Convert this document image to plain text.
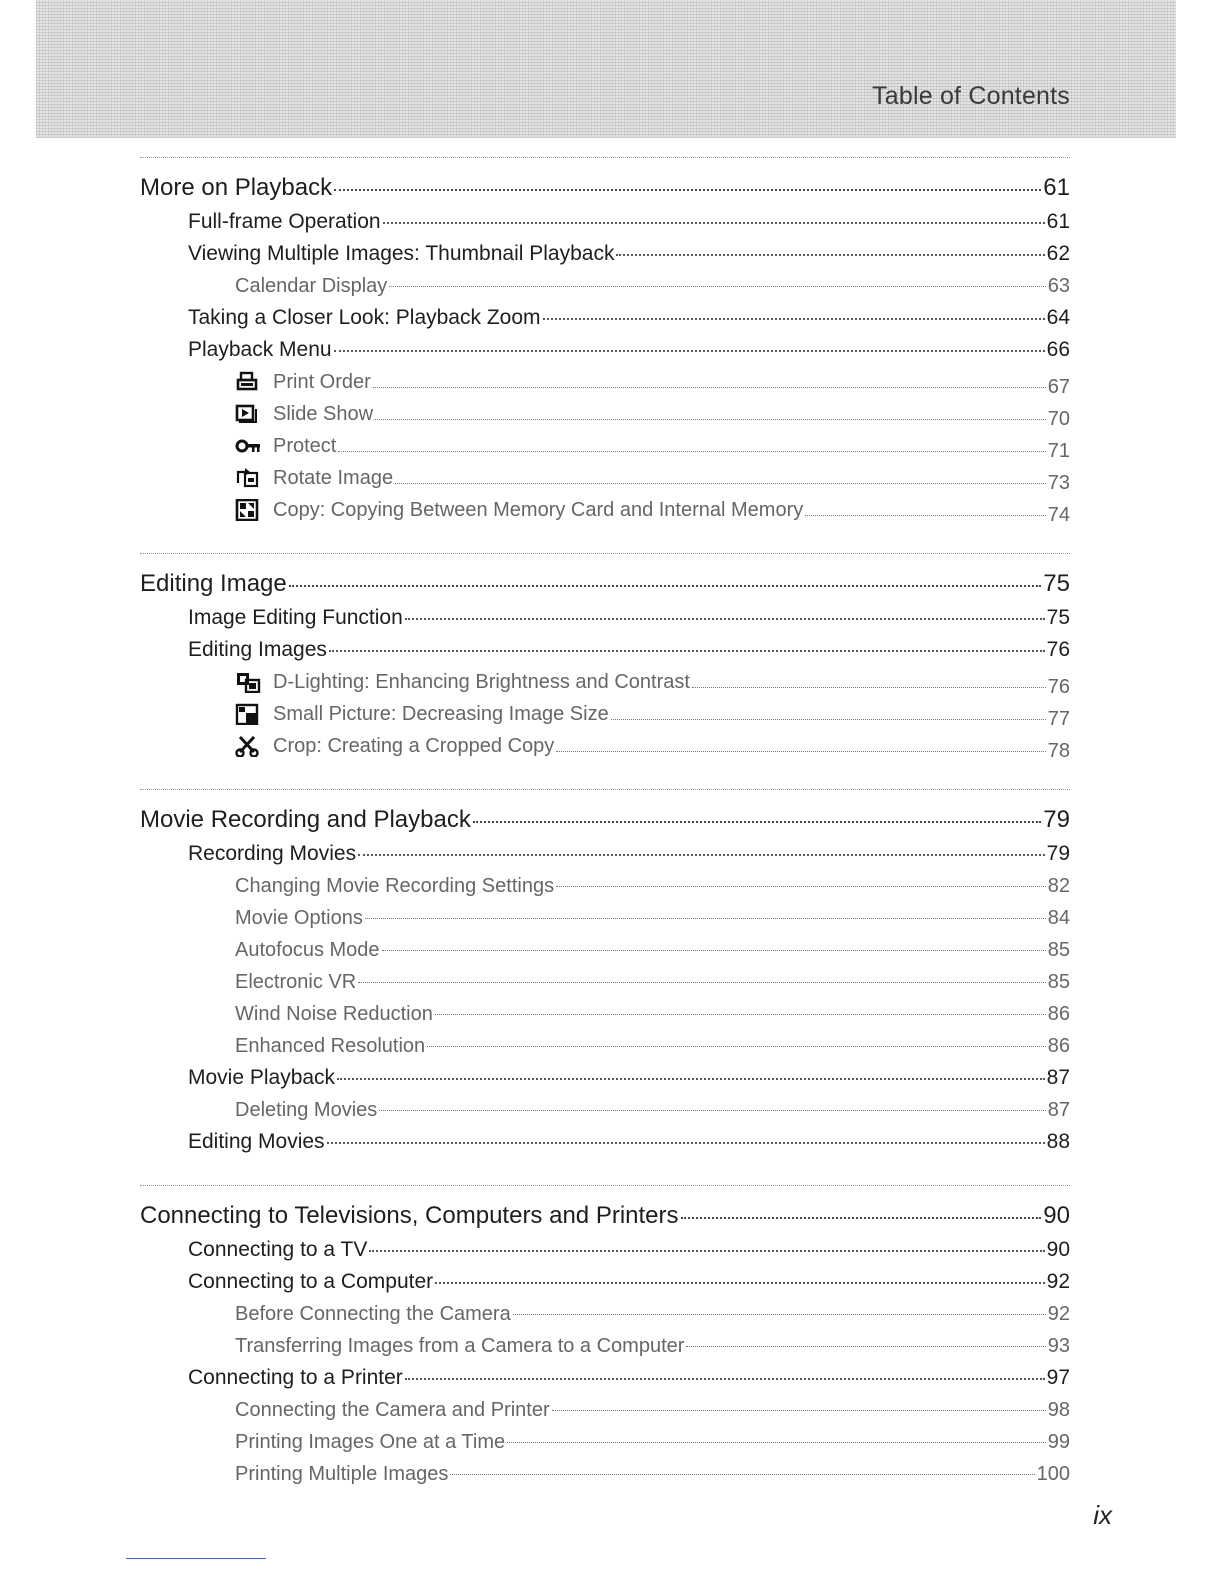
Table of Contents
More on Playback	61
Full-frame Operation	61
Viewing Multiple Images: Thumbnail Playback	62
Calendar Display	63
Taking a Closer Look: Playback Zoom	64
Playback Menu	66
Print Order	67
Slide Show	70
Protect	71
Rotate Image	73
Copy: Copying Between Memory Card and Internal Memory	74
Editing Image	75
Image Editing Function	75
Editing Images	76
D-Lighting: Enhancing Brightness and Contrast	76
Small Picture: Decreasing Image Size	77
Crop: Creating a Cropped Copy	78
Movie Recording and Playback	79
Recording Movies	79
Changing Movie Recording Settings	82
Movie Options	84
Autofocus Mode	85
Electronic VR	85
Wind Noise Reduction	86
Enhanced Resolution	86
Movie Playback	87
Deleting Movies	87
Editing Movies	88
Connecting to Televisions, Computers and Printers	90
Connecting to a TV	90
Connecting to a Computer	92
Before Connecting the Camera	92
Transferring Images from a Camera to a Computer	93
Connecting to a Printer	97
Connecting the Camera and Printer	98
Printing Images One at a Time	99
Printing Multiple Images	100
ix
